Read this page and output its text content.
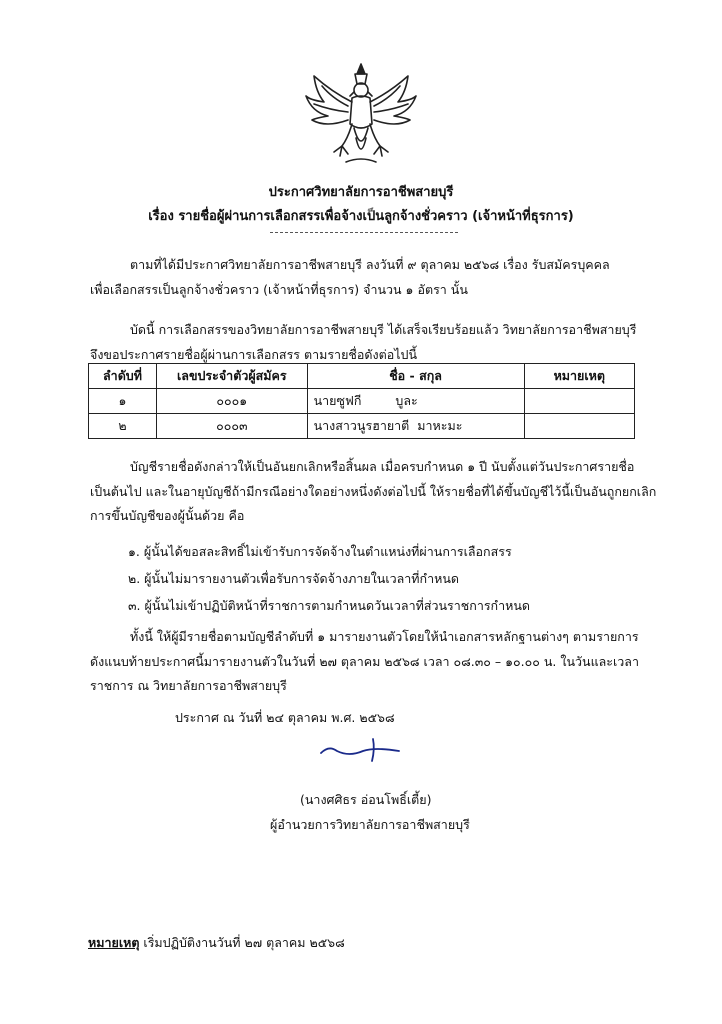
ประกาศวิทยาลัยการอาชีพสายบุรี
เรื่อง รายชื่อผู้ผ่านการเลือกสรรเพื่อจ้างเป็นลูกจ้างชั่วคราว (เจ้าหน้าที่ธุรการ)
ตามที่ได้มีประกาศวิทยาลัยการอาชีพสายบุรี ลงวันที่ ๙ ตุลาคม ๒๕๖๘ เรื่อง รับสมัครบุคคล
เพื่อเลือกสรรเป็นลูกจ้างชั่วคราว (เจ้าหน้าที่ธุรการ) จำนวน ๑ อัตรา นั้น
บัดนี้ การเลือกสรรของวิทยาลัยการอาชีพสายบุรี ได้เสร็จเรียบร้อยแล้ว วิทยาลัยการอาชีพสายบุรี
จึงขอประกาศรายชื่อผู้ผ่านการเลือกสรร ตามรายชื่อดังต่อไปนี้
ลำดับที่	เลขประจำตัวผู้สมัคร	ชื่อ - สกุล	หมายเหตุ
๑	๐๐๐๑	นายซูฟกี บูละ	
๒	๐๐๐๓	นางสาวนูรฮายาตี มาหะมะ	
บัญชีรายชื่อดังกล่าวให้เป็นอันยกเลิกหรือสิ้นผล เมื่อครบกำหนด ๑ ปี นับตั้งแต่วันประกาศรายชื่อ
เป็นต้นไป และในอายุบัญชีถ้ามีกรณีอย่างใดอย่างหนึ่งดังต่อไปนี้ ให้รายชื่อที่ได้ขึ้นบัญชีไว้นี้เป็นอันถูกยกเลิก
การขึ้นบัญชีของผู้นั้นด้วย คือ
๑. ผู้นั้นได้ขอสละสิทธิ์ไม่เข้ารับการจัดจ้างในตำแหน่งที่ผ่านการเลือกสรร
๒. ผู้นั้นไม่มารายงานตัวเพื่อรับการจัดจ้างภายในเวลาที่กำหนด
๓. ผู้นั้นไม่เข้าปฏิบัติหน้าที่ราชการตามกำหนดวันเวลาที่ส่วนราชการกำหนด
ทั้งนี้ ให้ผู้มีรายชื่อตามบัญชีลำดับที่ ๑ มารายงานตัวโดยให้นำเอกสารหลักฐานต่างๆ ตามรายการ
ดังแนบท้ายประกาศนี้มารายงานตัวในวันที่ ๒๗ ตุลาคม ๒๕๖๘ เวลา ๐๘.๓๐ – ๑๐.๐๐ น. ในวันและเวลา
ราชการ ณ วิทยาลัยการอาชีพสายบุรี
ประกาศ ณ วันที่ ๒๔ ตุลาคม พ.ศ. ๒๕๖๘
(นางศศิธร อ่อนโพธิ์เตี้ย)
ผู้อำนวยการวิทยาลัยการอาชีพสายบุรี
หมายเหตุ เริ่มปฏิบัติงานวันที่ ๒๗ ตุลาคม ๒๕๖๘
